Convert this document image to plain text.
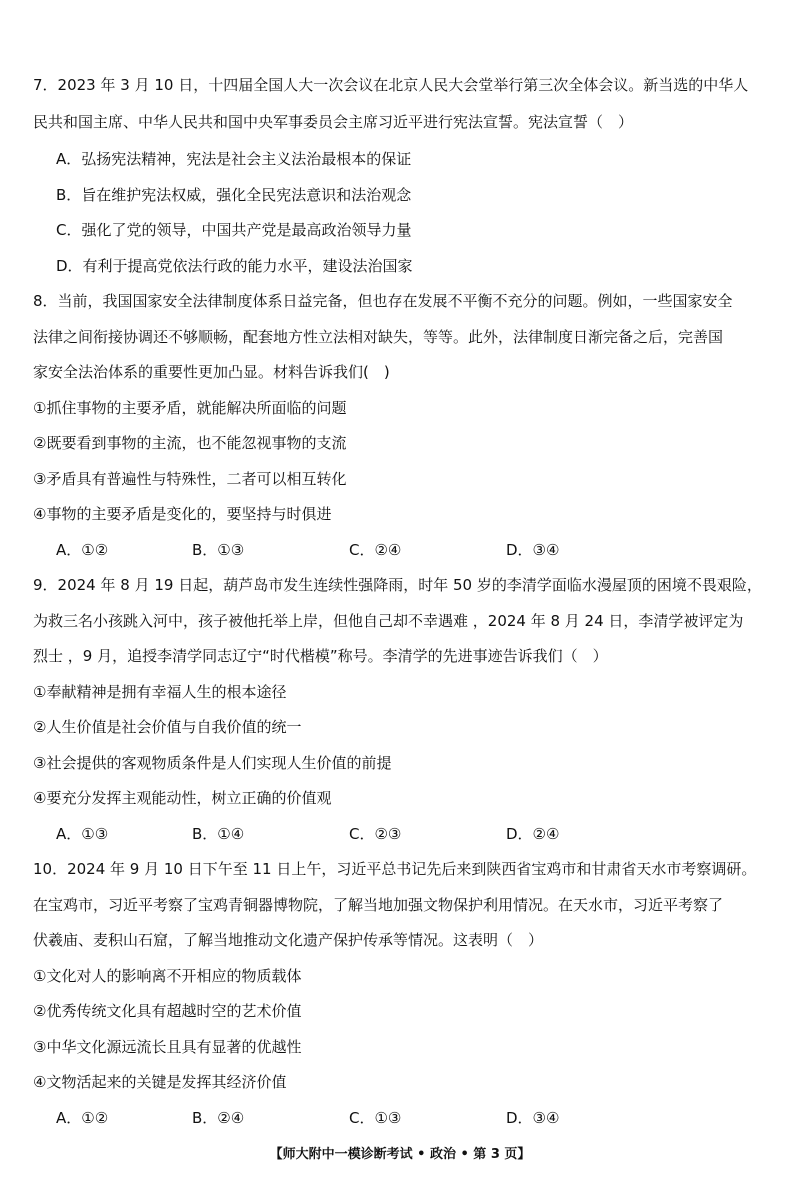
7．2023 年 3 月 10 日，十四届全国人大一次会议在北京人民大会堂举行第三次全体会议。新当选的中华人
民共和国主席、中华人民共和国中央军事委员会主席习近平进行宪法宣誓。宪法宣誓（　）
A．弘扬宪法精神，宪法是社会主义法治最根本的保证
B．旨在维护宪法权威，强化全民宪法意识和法治观念
C．强化了党的领导，中国共产党是最高政治领导力量
D．有利于提高党依法行政的能力水平，建设法治国家
8．当前，我国国家安全法律制度体系日益完备，但也存在发展不平衡不充分的问题。例如，一些国家安全
法律之间衔接协调还不够顺畅，配套地方性立法相对缺失，等等。此外，法律制度日渐完备之后，完善国
家安全法治体系的重要性更加凸显。材料告诉我们(　)
①抓住事物的主要矛盾，就能解决所面临的问题
②既要看到事物的主流，也不能忽视事物的支流
③矛盾具有普遍性与特殊性，二者可以相互转化
④事物的主要矛盾是变化的，要坚持与时俱进
A．①②	B．①③	C．②④	D．③④
9．2024 年 8 月 19 日起，葫芦岛市发生连续性强降雨，时年 50 岁的李清学面临水漫屋顶的困境不畏艰险，
为救三名小孩跳入河中，孩子被他托举上岸，但他自己却不幸遇难 ，2024 年 8 月 24 日，李清学被评定为
烈士 ，9 月，追授李清学同志辽宁“时代楷模”称号。李清学的先进事迹告诉我们（　）
①奉献精神是拥有幸福人生的根本途径
②人生价值是社会价值与自我价值的统一
③社会提供的客观物质条件是人们实现人生价值的前提
④要充分发挥主观能动性，树立正确的价值观
A．①③	B．①④	C．②③	D．②④
10．2024 年 9 月 10 日下午至 11 日上午，习近平总书记先后来到陕西省宝鸡市和甘肃省天水市考察调研。
在宝鸡市，习近平考察了宝鸡青铜器博物院，了解当地加强文物保护利用情况。在天水市，习近平考察了
伏羲庙、麦积山石窟，了解当地推动文化遗产保护传承等情况。这表明（　）
①文化对人的影响离不开相应的物质载体
②优秀传统文化具有超越时空的艺术价值
③中华文化源远流长且具有显著的优越性
④文物活起来的关键是发挥其经济价值
A．①②	B．②④	C．①③	D．③④
【师大附中一模诊断考试 • 政治 • 第 3 页】
